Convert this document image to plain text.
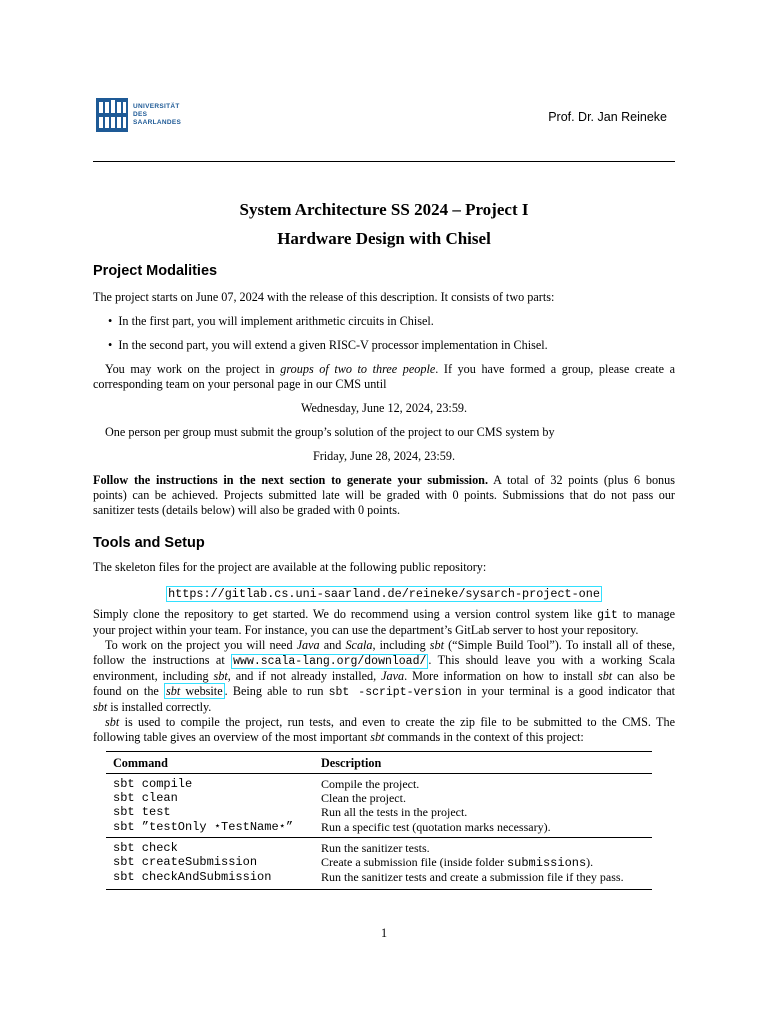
UNIVERSITÄT
DES
SAARLANDES	Prof. Dr. Jan Reineke
System Architecture SS 2024 – Project I
Hardware Design with Chisel
Project Modalities
The project starts on June 07, 2024 with the release of this description. It consists of two parts:
• In the first part, you will implement arithmetic circuits in Chisel.
• In the second part, you will extend a given RISC-V processor implementation in Chisel.
You may work on the project in groups of two to three people. If you have formed a group, please create a
corresponding team on your personal page in our CMS until
Wednesday, June 12, 2024, 23:59.
One person per group must submit the group’s solution of the project to our CMS system by
Friday, June 28, 2024, 23:59.
Follow the instructions in the next section to generate your submission. A total of 32 points (plus 6 bonus
points) can be achieved. Projects submitted late will be graded with 0 points. Submissions that do not pass our
sanitizer tests (details below) will also be graded with 0 points.
Tools and Setup
The skeleton files for the project are available at the following public repository:
https://gitlab.cs.uni-saarland.de/reineke/sysarch-project-one
Simply clone the repository to get started. We do recommend using a version control system like git to manage
your project within your team. For instance, you can use the department’s GitLab server to host your repository.
To work on the project you will need Java and Scala, including sbt (“Simple Build Tool”). To install all of these,
follow the instructions at www.scala-lang.org/download/ . This should leave you with a working Scala
environment, including sbt, and if not already installed, Java. More information on how to install sbt can also be
found on the sbt website . Being able to run sbt -script-version in your terminal is a good indicator that
sbt is installed correctly.
sbt is used to compile the project, run tests, and even to create the zip file to be submitted to the CMS. The
following table gives an overview of the most important sbt commands in the context of this project:
Command	Description
sbt compile	Compile the project.
sbt clean	Clean the project.
sbt test	Run all the tests in the project.
sbt ”testOnly ⋆TestName⋆”	Run a specific test (quotation marks necessary).
sbt check	Run the sanitizer tests.
sbt createSubmission	Create a submission file (inside folder submissions).
sbt checkAndSubmission	Run the sanitizer tests and create a submission file if they pass.
1
